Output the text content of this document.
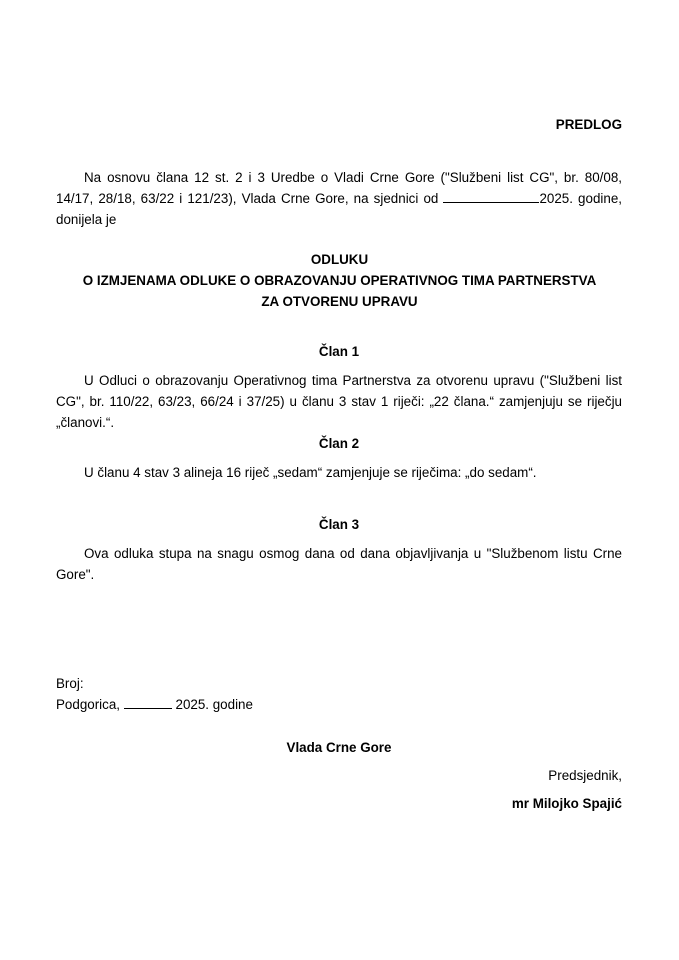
PREDLOG

Na osnovu člana 12 st. 2 i 3 Uredbe o Vladi Crne Gore ("Službeni list CG", br. 80/08, 14/17, 28/18, 63/22 i 121/23), Vlada Crne Gore, na sjednici od	2025. godine, donijela je

ODLUKU
O IZMJENAMA ODLUKE O OBRAZOVANJU OPERATIVNOG TIMA PARTNERSTVA
ZA OTVORENU UPRAVU
Član 1

U Odluci o obrazovanju Operativnog tima Partnerstva za otvorenu upravu ("Službeni list CG", br. 110/22, 63/23, 66/24 i 37/25) u članu 3 stav 1 riječi: „22 člana.“ zamjenjuju se riječju „članovi.“.

Član 2

U članu 4 stav 3 alineja 16 riječ „sedam“ zamjenjuje se riječima: „do sedam“.

Član 3

Ova odluka stupa na snagu osmog dana od dana objavljivanja u "Službenom listu Crne Gore".

Broj:
Podgorica,	2025. godine
Vlada Crne Gore
Predsjednik,
mr Milojko Spajić
